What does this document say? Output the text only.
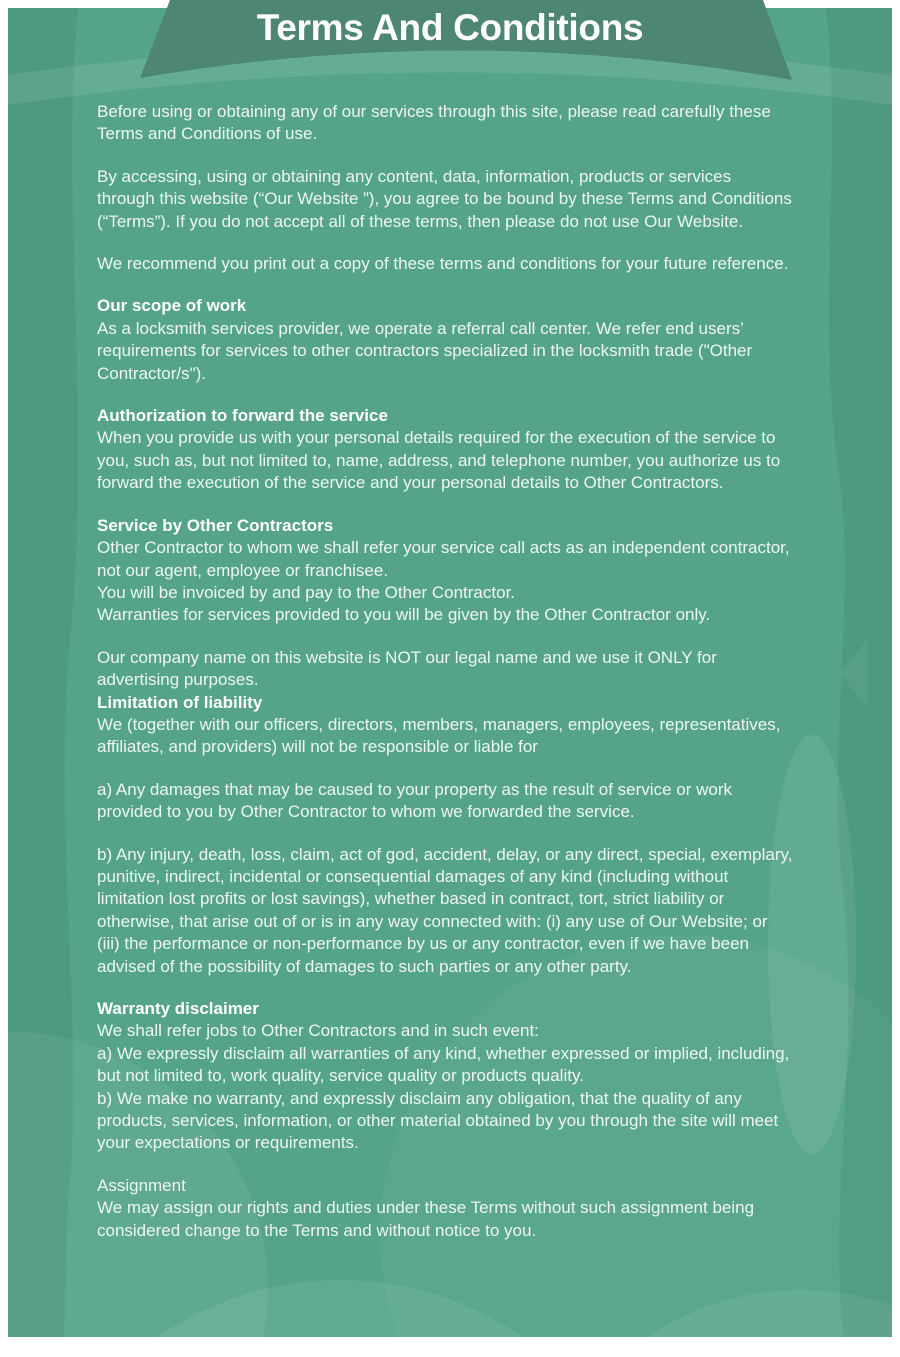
Terms And Conditions

Before using or obtaining any of our services through this site, please read carefully these Terms and Conditions of use.

By accessing, using or obtaining any content, data, information, products or services through this website (“Our Website ”), you agree to be bound by these Terms and Conditions (“Terms”). If you do not accept all of these terms, then please do not use Our Website.

We recommend you print out a copy of these terms and conditions for your future reference.

Our scope of work

As a locksmith services provider, we operate a referral call center. We refer end users’ requirements for services to other contractors specialized in the locksmith trade ("Other Contractor/s").

Authorization to forward the service

When you provide us with your personal details required for the execution of the service to you, such as, but not limited to, name, address, and telephone number, you authorize us to forward the execution of the service and your personal details to Other Contractors.

Service by Other Contractors

Other Contractor to whom we shall refer your service call acts as an independent contractor, not our agent, employee or franchisee.

You will be invoiced by and pay to the Other Contractor.

Warranties for services provided to you will be given by the Other Contractor only.

Our company name on this website is NOT our legal name and we use it ONLY for advertising purposes.

Limitation of liability

We (together with our officers, directors, members, managers, employees, representatives, affiliates, and providers) will not be responsible or liable for

a) Any damages that may be caused to your property as the result of service or work provided to you by Other Contractor to whom we forwarded the service.

b) Any injury, death, loss, claim, act of god, accident, delay, or any direct, special, exemplary, punitive, indirect, incidental or consequential damages of any kind (including without limitation lost profits or lost savings), whether based in contract, tort, strict liability or otherwise, that arise out of or is in any way connected with: (i) any use of Our Website; or (iii) the performance or non-performance by us or any contractor, even if we have been advised of the possibility of damages to such parties or any other party.

Warranty disclaimer

We shall refer jobs to Other Contractors and in such event:

a) We expressly disclaim all warranties of any kind, whether expressed or implied, including, but not limited to, work quality, service quality or products quality.

b) We make no warranty, and expressly disclaim any obligation, that the quality of any products, services, information, or other material obtained by you through the site will meet your expectations or requirements.

Assignment

We may assign our rights and duties under these Terms without such assignment being considered change to the Terms and without notice to you.
